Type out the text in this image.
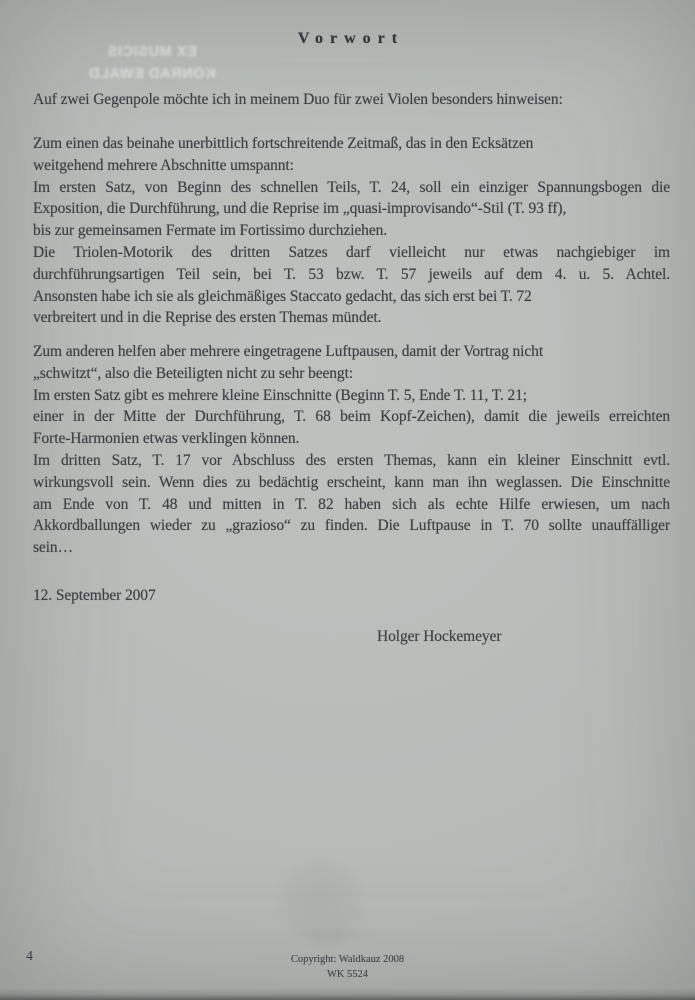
EX MUSICIS
KONRAD EWALD
Vorwort
Auf zwei Gegenpole möchte ich in meinem Duo für zwei Violen besonders hinweisen:
Zum einen das beinahe unerbittlich fortschreitende Zeitmaß, das in den Ecksätzen
weitgehend mehrere Abschnitte umspannt:
Im ersten Satz, von Beginn des schnellen Teils, T. 24, soll ein einziger Spannungsbogen die
Exposition, die Durchführung, und die Reprise im „quasi-improvisando“-Stil (T. 93 ff),
bis zur gemeinsamen Fermate im Fortissimo durchziehen.
Die Triolen-Motorik des dritten Satzes darf vielleicht nur etwas nachgiebiger im
durchführungsartigen Teil sein, bei T. 53 bzw. T. 57 jeweils auf dem 4. u. 5. Achtel.
Ansonsten habe ich sie als gleichmäßiges Staccato gedacht, das sich erst bei T. 72
verbreitert und in die Reprise des ersten Themas mündet.
Zum anderen helfen aber mehrere eingetragene Luftpausen, damit der Vortrag nicht
„schwitzt“, also die Beteiligten nicht zu sehr beengt:
Im ersten Satz gibt es mehrere kleine Einschnitte (Beginn T. 5, Ende T. 11, T. 21;
einer in der Mitte der Durchführung, T. 68 beim Kopf-Zeichen), damit die jeweils erreichten
Forte-Harmonien etwas verklingen können.
Im dritten Satz, T. 17 vor Abschluss des ersten Themas, kann ein kleiner Einschnitt evtl.
wirkungsvoll sein. Wenn dies zu bedächtig erscheint, kann man ihn weglassen. Die Einschnitte
am Ende von T. 48 und mitten in T. 82 haben sich als echte Hilfe erwiesen, um nach
Akkordballungen wieder zu „grazioso“ zu finden. Die Luftpause in T. 70 sollte unauffälliger
sein…
12. September 2007
Holger Hockemeyer
4	Copyright: Waldkauz 2008
WK 5524
